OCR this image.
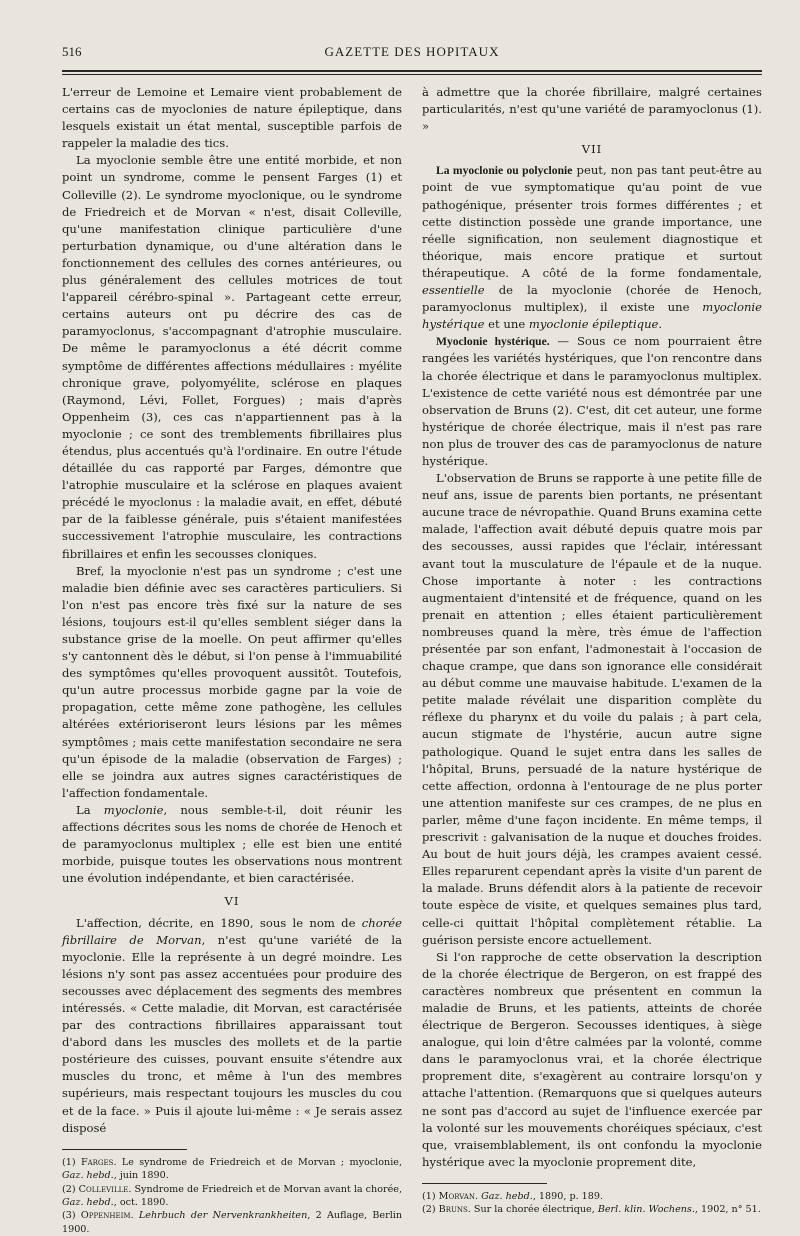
516	GAZETTE DES HOPITAUX

L'erreur de Lemoine et Lemaire vient probablement de certains cas de myoclonies de nature épileptique, dans lesquels existait un état mental, susceptible parfois de rappeler la maladie des tics.

La myoclonie semble être une entité morbide, et non point un syndrome, comme le pensent Farges (1) et Colleville (2). Le syndrome myoclonique, ou le syndrome de Friedreich et de Morvan « n'est, disait Colleville, qu'une manifestation clinique particulière d'une perturbation dynamique, ou d'une altération dans le fonctionnement des cellules des cornes antérieures, ou plus généralement des cellules motrices de tout l'appareil cérébro-spinal ». Partageant cette erreur, certains auteurs ont pu décrire des cas de paramyoclonus, s'accompagnant d'atrophie musculaire. De même le paramyoclonus a été décrit comme symptôme de différentes affections médullaires : myélite chronique grave, polyomyélite, sclérose en plaques (Raymond, Lévi, Follet, Forgues) ; mais d'après Oppenheim (3), ces cas n'appartiennent pas à la myoclonie ; ce sont des tremblements fibrillaires plus étendus, plus accentués qu'à l'ordinaire. En outre l'étude détaillée du cas rapporté par Farges, démontre que l'atrophie musculaire et la sclérose en plaques avaient précédé le myoclonus : la maladie avait, en effet, débuté par de la faiblesse générale, puis s'étaient manifestées successivement l'atrophie musculaire, les contractions fibrillaires et enfin les secousses cloniques.

Bref, la myoclonie n'est pas un syndrome ; c'est une maladie bien définie avec ses caractères particuliers. Si l'on n'est pas encore très fixé sur la nature de ses lésions, toujours est-il qu'elles semblent siéger dans la substance grise de la moelle. On peut affirmer qu'elles s'y cantonnent dès le début, si l'on pense à l'immuabilité des symptômes qu'elles provoquent aussitôt. Toutefois, qu'un autre processus morbide gagne par la voie de propagation, cette même zone pathogène, les cellules altérées extérioriseront leurs lésions par les mêmes symptômes ; mais cette manifestation secondaire ne sera qu'un épisode de la maladie (observation de Farges) ; elle se joindra aux autres signes caractéristiques de l'affection fondamentale.

La myoclonie, nous semble-t-il, doit réunir les affections décrites sous les noms de chorée de Henoch et de paramyoclonus multiplex ; elle est bien une entité morbide, puisque toutes les observations nous montrent une évolution indépendante, et bien caractérisée.

VI

L'affection, décrite, en 1890, sous le nom de chorée fibrillaire de Morvan, n'est qu'une variété de la myoclonie. Elle la représente à un degré moindre. Les lésions n'y sont pas assez accentuées pour produire des secousses avec déplacement des segments des membres intéressés. « Cette maladie, dit Morvan, est caractérisée par des contractions fibrillaires apparaissant tout d'abord dans les muscles des mollets et de la partie postérieure des cuisses, pouvant ensuite s'étendre aux muscles du tronc, et même à l'un des membres supérieurs, mais respectant toujours les muscles du cou et de la face. » Puis il ajoute lui-même : « Je serais assez disposé

(1) Farges. Le syndrome de Friedreich et de Morvan ; myoclonie, Gaz. hebd., juin 1890.
(2) Colleville. Syndrome de Friedreich et de Morvan avant la chorée, Gaz. hebd., oct. 1890.
(3) Oppenheim. Lehrbuch der Nervenkrankheiten, 2 Auflage, Berlin 1900.

à admettre que la chorée fibrillaire, malgré certaines particularités, n'est qu'une variété de paramyoclonus (1). »

VII

La myoclonie ou polyclonie peut, non pas tant peut-être au point de vue symptomatique qu'au point de vue pathogénique, présenter trois formes différentes ; et cette distinction possède une grande importance, une réelle signification, non seulement diagnostique et théorique, mais encore pratique et surtout thérapeutique. A côté de la forme fondamentale, essentielle de la myoclonie (chorée de Henoch, paramyoclonus multiplex), il existe une myoclonie hystérique et une myoclonie épileptique.

Myoclonie hystérique. — Sous ce nom pourraient être rangées les variétés hystériques, que l'on rencontre dans la chorée électrique et dans le paramyoclonus multiplex. L'existence de cette variété nous est démontrée par une observation de Bruns (2). C'est, dit cet auteur, une forme hystérique de chorée électrique, mais il n'est pas rare non plus de trouver des cas de paramyoclonus de nature hystérique.

L'observation de Bruns se rapporte à une petite fille de neuf ans, issue de parents bien portants, ne présentant aucune trace de névropathie. Quand Bruns examina cette malade, l'affection avait débuté depuis quatre mois par des secousses, aussi rapides que l'éclair, intéressant avant tout la musculature de l'épaule et de la nuque. Chose importante à noter : les contractions augmentaient d'intensité et de fréquence, quand on les prenait en attention ; elles étaient particulièrement nombreuses quand la mère, très émue de l'affection présentée par son enfant, l'admonestait à l'occasion de chaque crampe, que dans son ignorance elle considérait au début comme une mauvaise habitude. L'examen de la petite malade révélait une disparition complète du réflexe du pharynx et du voile du palais ; à part cela, aucun stigmate de l'hystérie, aucun autre signe pathologique. Quand le sujet entra dans les salles de l'hôpital, Bruns, persuadé de la nature hystérique de cette affection, ordonna à l'entourage de ne plus porter une attention manifeste sur ces crampes, de ne plus en parler, même d'une façon incidente. En même temps, il prescrivit : galvanisation de la nuque et douches froides. Au bout de huit jours déjà, les crampes avaient cessé. Elles reparurent cependant après la visite d'un parent de la malade. Bruns défendit alors à la patiente de recevoir toute espèce de visite, et quelques semaines plus tard, celle-ci quittait l'hôpital complètement rétablie. La guérison persiste encore actuellement.

Si l'on rapproche de cette observation la description de la chorée électrique de Bergeron, on est frappé des caractères nombreux que présentent en commun la maladie de Bruns, et les patients, atteints de chorée électrique de Bergeron. Secousses identiques, à siège analogue, qui loin d'être calmées par la volonté, comme dans le paramyoclonus vrai, et la chorée électrique proprement dite, s'exagèrent au contraire lorsqu'on y attache l'attention. (Remarquons que si quelques auteurs ne sont pas d'accord au sujet de l'influence exercée par la volonté sur les mouvements choréiques spéciaux, c'est que, vraisemblablement, ils ont confondu la myoclonie hystérique avec la myoclonie proprement dite,

(1) Morvan. Gaz. hebd., 1890, p. 189.
(2) Bruns. Sur la chorée électrique, Berl. klin. Wochens., 1902, n° 51.
